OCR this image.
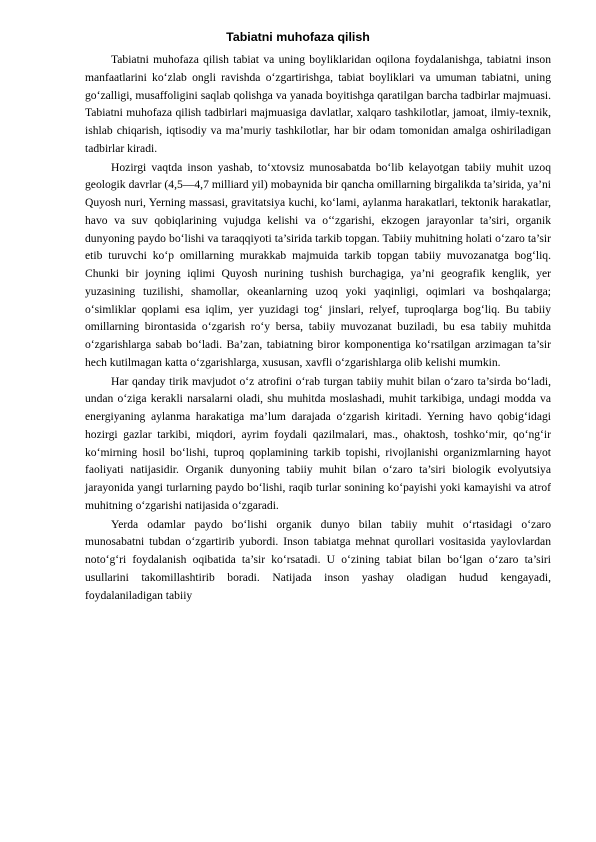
Tabiatni muhofaza qilish

Tabiatni muhofaza qilish tabiat va uning boyliklaridan oqilona foydalanishga, tabiatni inson manfaatlarini ko‘zlab ongli ravishda o‘zgartirishga, tabiat boyliklari va umuman tabiatni, uning go‘zalligi, musaffoligini saqlab qolishga va yanada boyitishga qaratilgan barcha tadbirlar majmuasi. Tabiatni muhofaza qilish tadbirlari majmuasiga davlatlar, xalqaro tashkilotlar, jamoat, ilmiy-texnik, ishlab chiqarish, iqtisodiy va ma’muriy tashkilotlar, har bir odam tomonidan amalga oshiriladigan tadbirlar kiradi.

Hozirgi vaqtda inson yashab, to‘xtovsiz munosabatda bo‘lib kelayotgan tabiiy muhit uzoq geologik davrlar (4,5—4,7 milliard yil) mobaynida bir qancha omillarning birgalikda ta’sirida, ya’ni Quyosh nuri, Yerning massasi, gravitatsiya kuchi, ko‘lami, aylanma harakatlari, tektonik harakatlar, havo va suv qobiqlarining vujudga kelishi va o‘‘zgarishi, ekzogen jarayonlar ta’siri, organik dunyoning paydo bo‘lishi va taraqqiyoti ta’sirida tarkib topgan. Tabiiy muhitning holati o‘zaro ta’sir etib turuvchi ko‘p omillarning murakkab majmuida tarkib topgan tabiiy muvozanatga bog‘liq. Chunki bir joyning iqlimi Quyosh nurining tushish burchagiga, ya’ni geografik kenglik, yer yuzasining tuzilishi, shamollar, okeanlarning uzoq yoki yaqinligi, oqimlari va boshqalarga; o‘simliklar qoplami esa iqlim, yer yuzidagi tog‘ jinslari, relyef, tuproqlarga bog‘liq. Bu tabiiy omillarning birontasida o‘zgarish ro‘y bersa, tabiiy muvozanat buziladi, bu esa tabiiy muhitda o‘zgarishlarga sabab bo‘ladi. Ba’zan, tabiatning biror komponentiga ko‘rsatilgan arzimagan ta’sir hech kutilmagan katta o‘zgarishlarga, xususan, xavfli o‘zgarishlarga olib kelishi mumkin.

Har qanday tirik mavjudot o‘z atrofini o‘rab turgan tabiiy muhit bilan o‘zaro ta’sirda bo‘ladi, undan o‘ziga kerakli narsalarni oladi, shu muhitda moslashadi, muhit tarkibiga, undagi modda va energiyaning aylanma harakatiga ma’lum darajada o‘zgarish kiritadi. Yerning havo qobig‘idagi hozirgi gazlar tarkibi, miqdori, ayrim foydali qazilmalari, mas., ohaktosh, toshko‘mir, qo‘ng‘ir ko‘mirning hosil bo‘lishi, tuproq qoplamining tarkib topishi, rivojlanishi organizmlarning hayot faoliyati natijasidir. Organik dunyoning tabiiy muhit bilan o‘zaro ta’siri biologik evolyutsiya jarayonida yangi turlarning paydo bo‘lishi, raqib turlar sonining ko‘payishi yoki kamayishi va atrof muhitning o‘zgarishi natijasida o‘zgaradi.

Yerda odamlar paydo bo‘lishi organik dunyo bilan tabiiy muhit o‘rtasidagi o‘zaro munosabatni tubdan o‘zgartirib yubordi. Inson tabiatga mehnat qurollari vositasida yaylovlardan noto‘g‘ri foydalanish oqibatida ta’sir ko‘rsatadi. U o‘zining tabiat bilan bo‘lgan o‘zaro ta’siri usullarini takomillashtirib boradi. Natijada inson yashay oladigan hudud kengayadi, foydalaniladigan tabiiy
